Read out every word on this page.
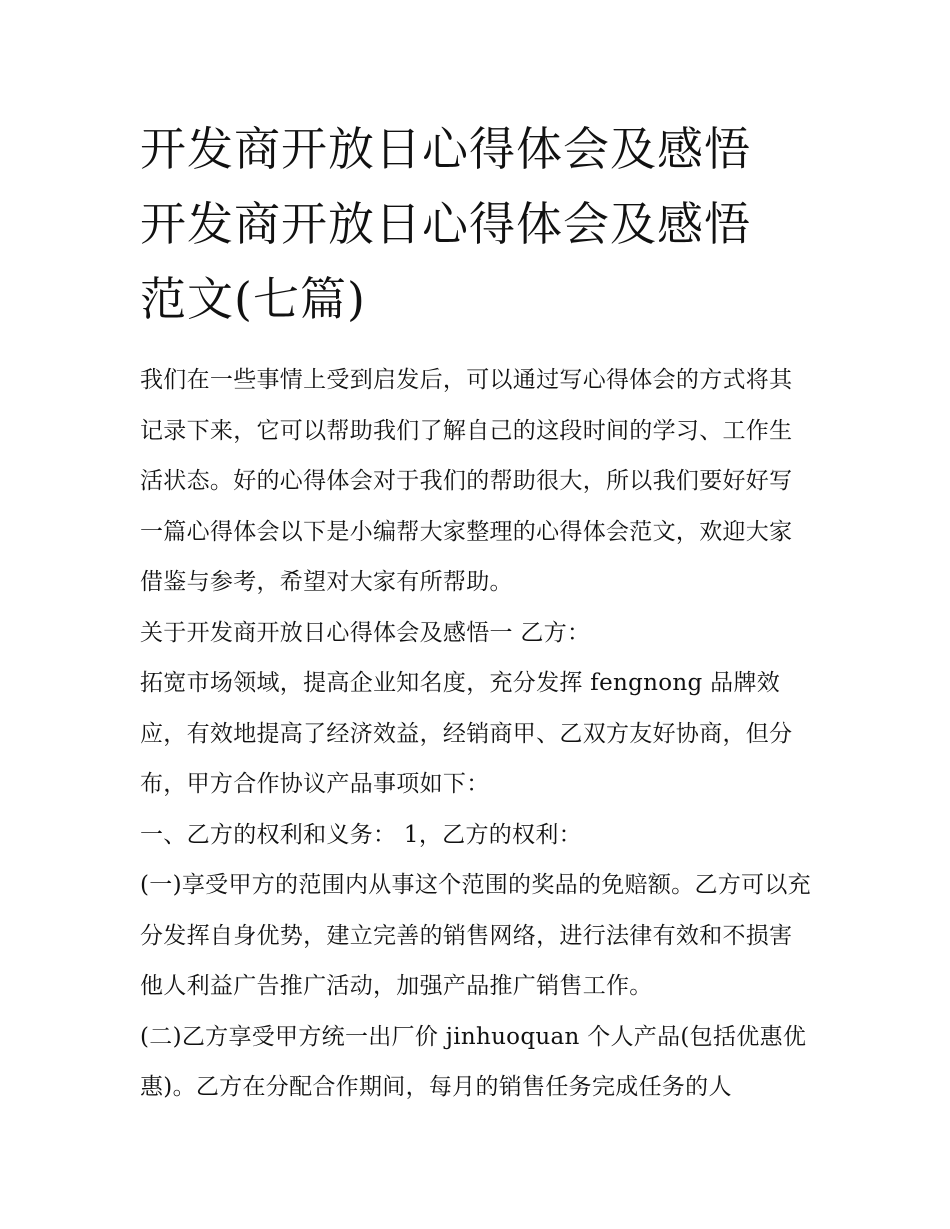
开发商开放日心得体会及感悟
开发商开放日心得体会及感悟
范文(七篇)

我们在一些事情上受到启发后，可以通过写心得体会的方式将其记录下来，它可以帮助我们了解自己的这段时间的学习、工作生活状态。好的心得体会对于我们的帮助很大，所以我们要好好写一篇心得体会以下是小编帮大家整理的心得体会范文，欢迎大家借鉴与参考，希望对大家有所帮助。

关于开发商开放日心得体会及感悟一 乙方：

拓宽市场领域，提高企业知名度，充分发挥 fengnong 品牌效应，有效地提高了经济效益，经销商甲、乙双方友好协商，但分布，甲方合作协议产品事项如下：

一、乙方的权利和义务： 1，乙方的权利：

(一)享受甲方的范围内从事这个范围的奖品的免赔额。乙方可以充分发挥自身优势，建立完善的销售网络，进行法律有效和不损害他人利益广告推广活动，加强产品推广销售工作。

(二)乙方享受甲方统一出厂价 jinhuoquan 个人产品(包括优惠优惠)。乙方在分配合作期间，每月的销售任务完成任务的人
